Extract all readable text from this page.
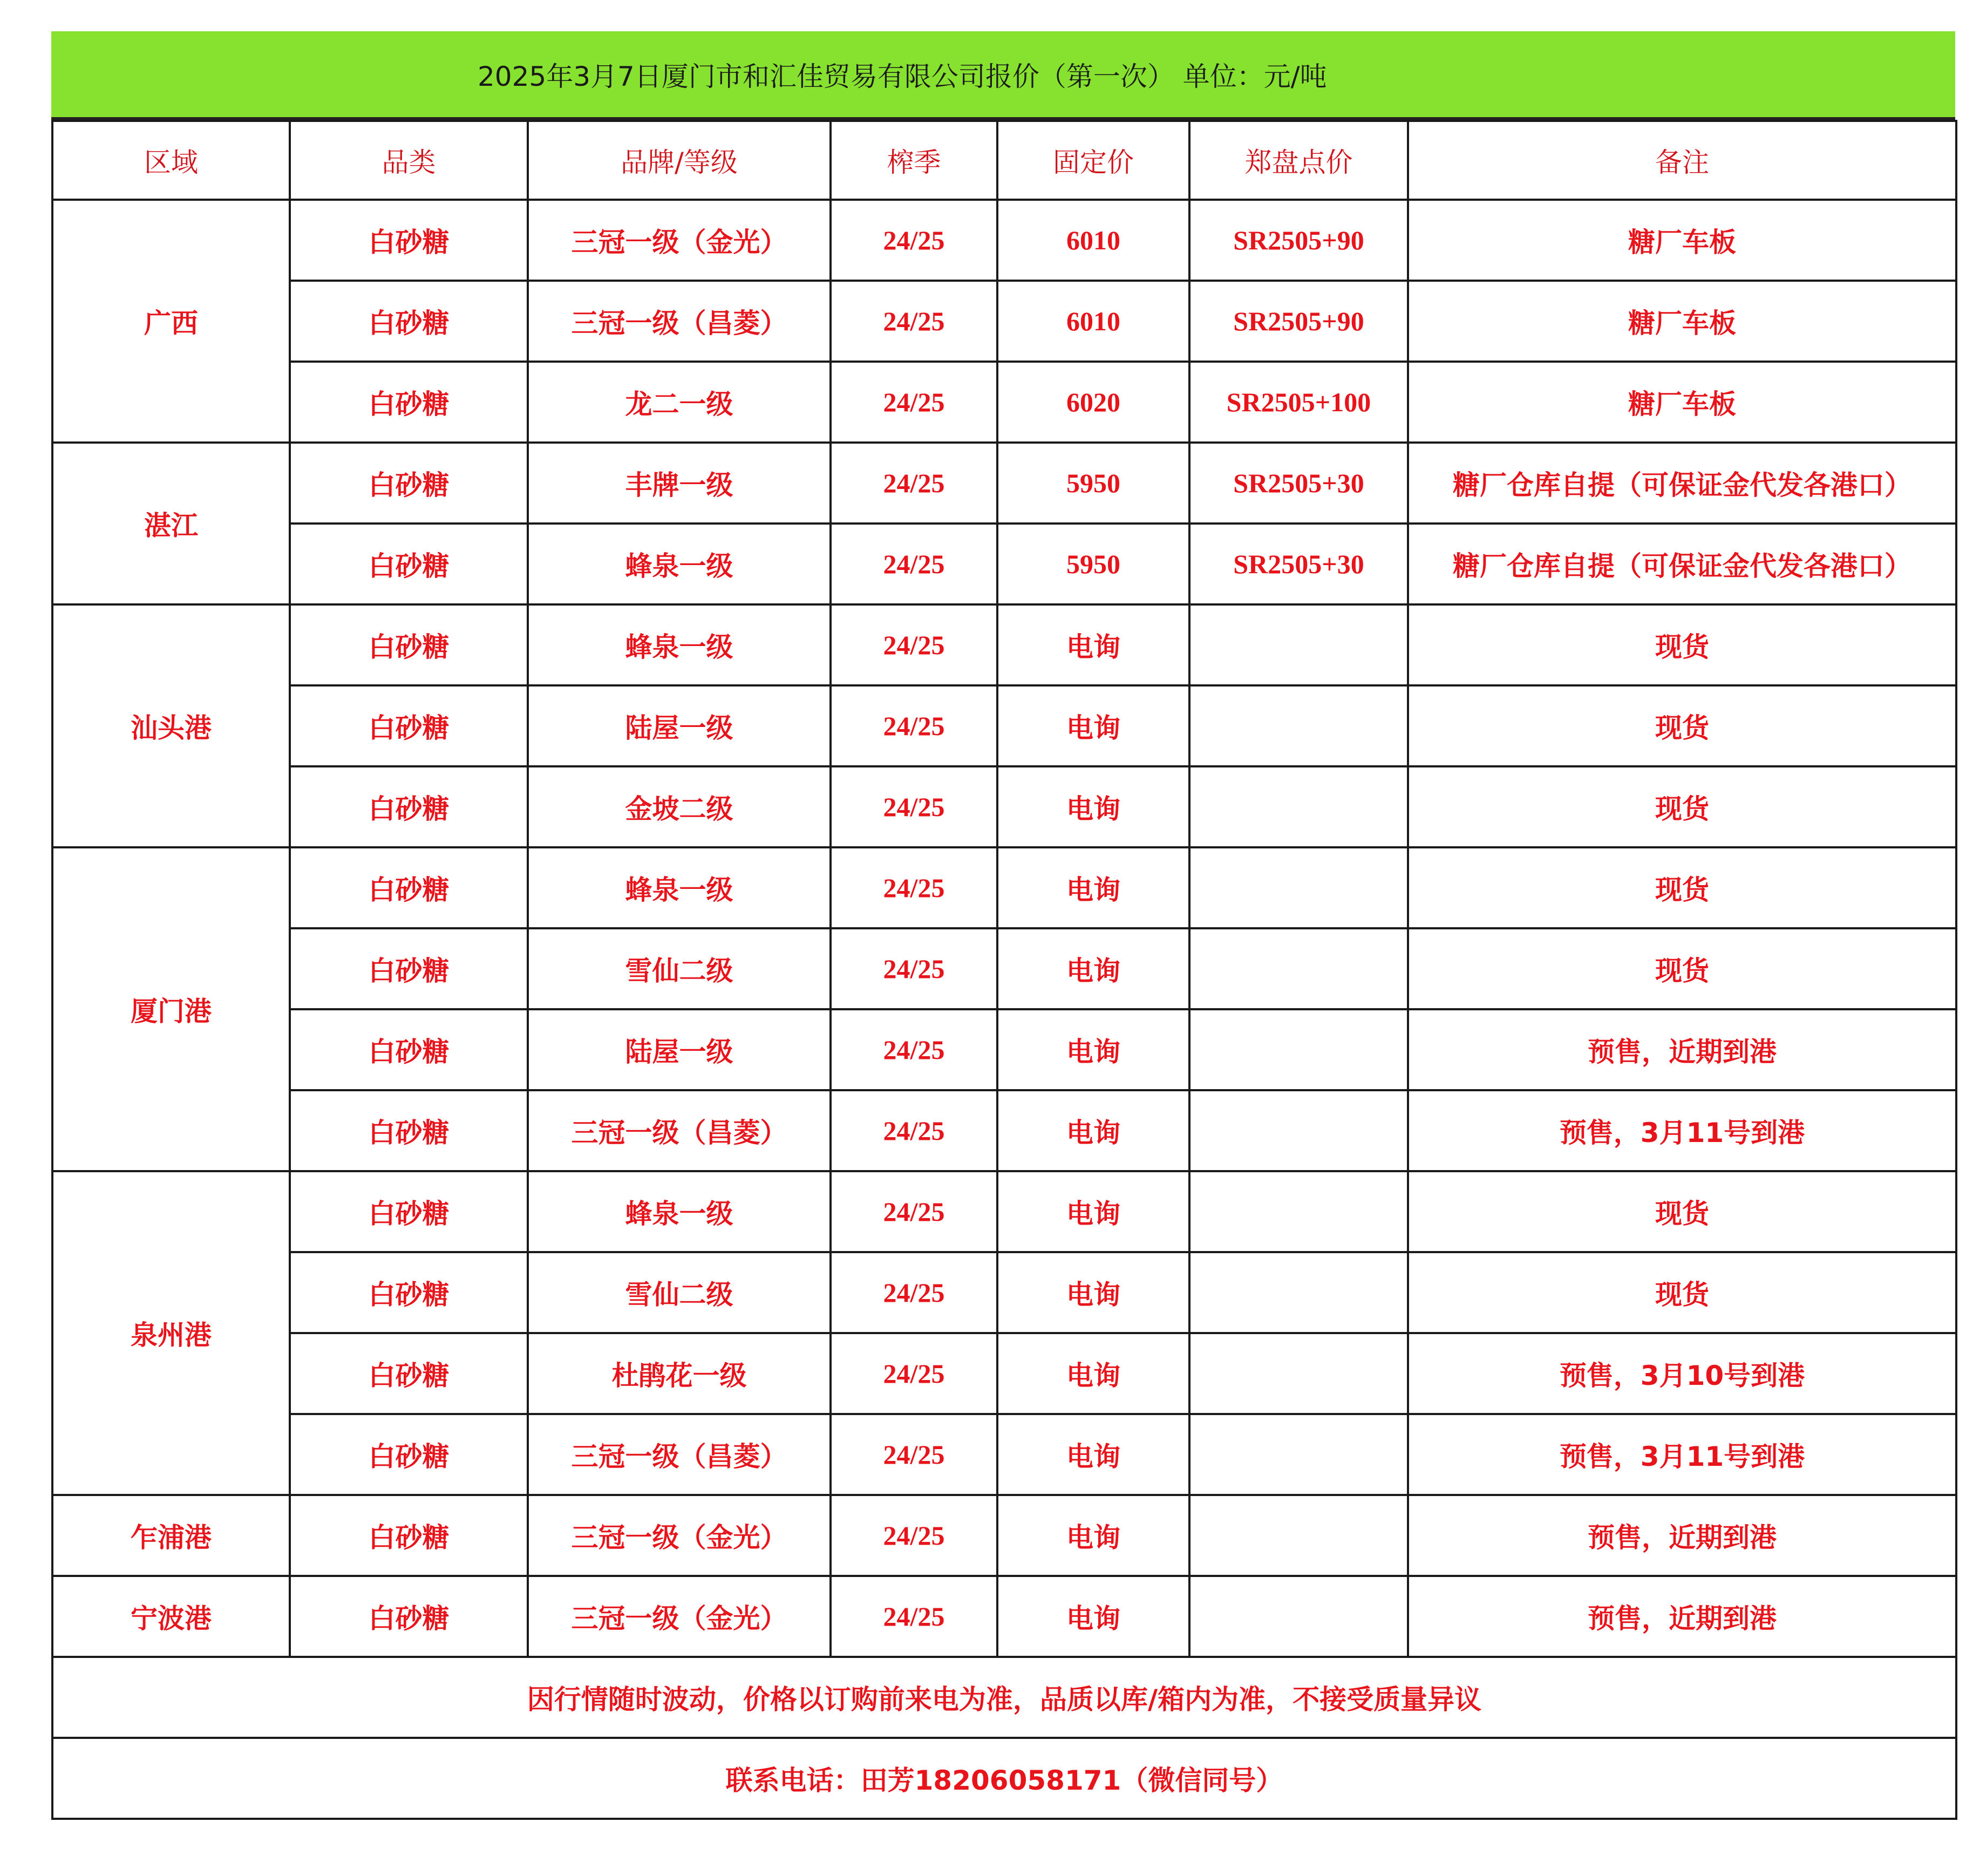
2025年3月7日厦门市和汇佳贸易有限公司报价（第一次） 单位：元/吨
区域	品类	品牌/等级	榨季	固定价	郑盘点价	备注
广西	白砂糖	三冠一级（金光）	24/25	6010	SR2505+90	糖厂车板
	白砂糖	三冠一级（昌菱）	24/25	6010	SR2505+90	糖厂车板
	白砂糖	龙二一级	24/25	6020	SR2505+100	糖厂车板
湛江	白砂糖	丰牌一级	24/25	5950	SR2505+30	糖厂仓库自提（可保证金代发各港口）
	白砂糖	蜂泉一级	24/25	5950	SR2505+30	糖厂仓库自提（可保证金代发各港口）
汕头港	白砂糖	蜂泉一级	24/25	电询		现货
	白砂糖	陆屋一级	24/25	电询		现货
	白砂糖	金坡二级	24/25	电询		现货
厦门港	白砂糖	蜂泉一级	24/25	电询		现货
	白砂糖	雪仙二级	24/25	电询		现货
	白砂糖	陆屋一级	24/25	电询		预售，近期到港
	白砂糖	三冠一级（昌菱）	24/25	电询		预售，3月11号到港
泉州港	白砂糖	蜂泉一级	24/25	电询		现货
	白砂糖	雪仙二级	24/25	电询		现货
	白砂糖	杜鹃花一级	24/25	电询		预售，3月10号到港
	白砂糖	三冠一级（昌菱）	24/25	电询		预售，3月11号到港
乍浦港	白砂糖	三冠一级（金光）	24/25	电询		预售，近期到港
宁波港	白砂糖	三冠一级（金光）	24/25	电询		预售，近期到港
因行情随时波动，价格以订购前来电为准，品质以库/箱内为准，不接受质量异议						
联系电话：田芳18206058171（微信同号）						
